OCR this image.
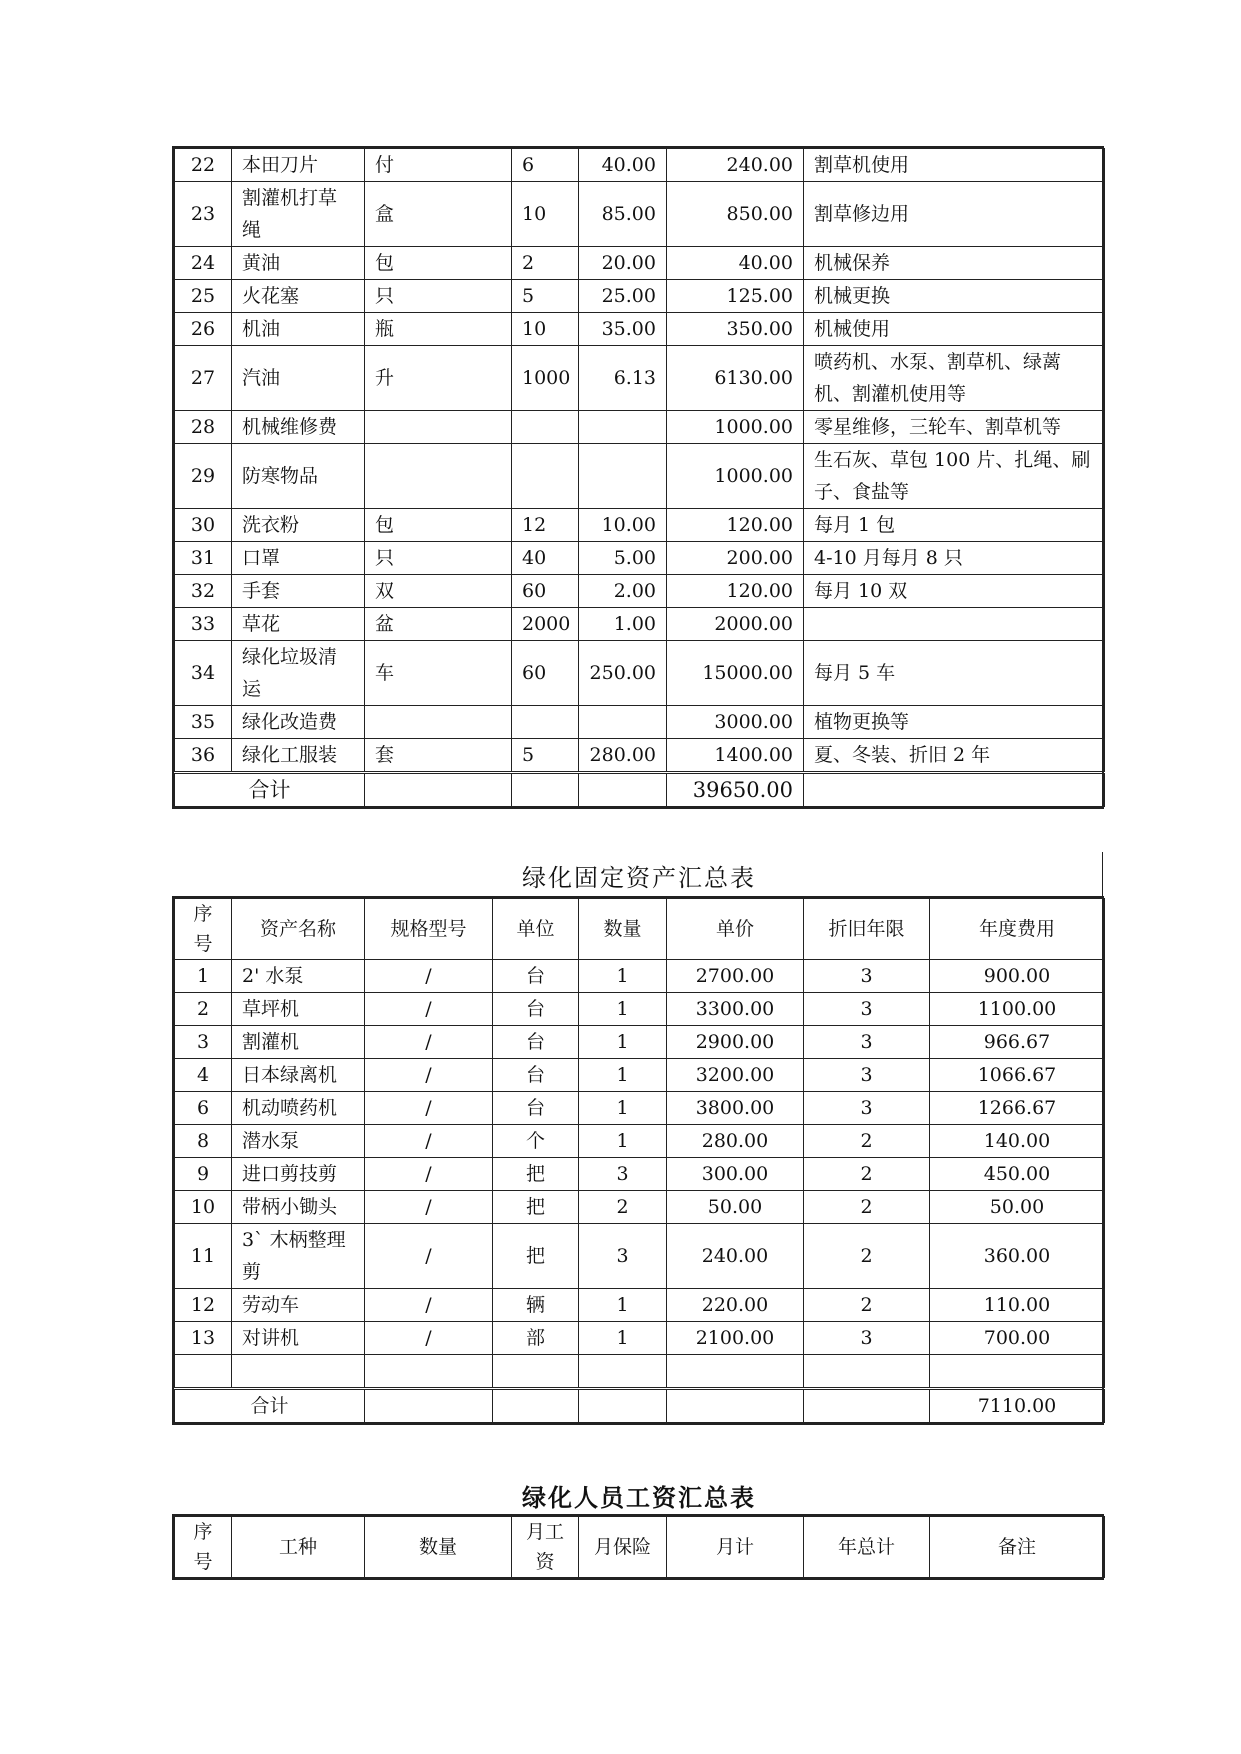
22	本田刀片	付	6	40.00	240.00	割草机使用
23	割灌机打草绳	盒	10	85.00	850.00	割草修边用
24	黄油	包	2	20.00	40.00	机械保养
25	火花塞	只	5	25.00	125.00	机械更换
26	机油	瓶	10	35.00	350.00	机械使用
27	汽油	升	1000	6.13	6130.00	喷药机、水泵、割草机、绿蓠机、割灌机使用等
28	机械维修费				1000.00	零星维修，三轮车、割草机等
29	防寒物品				1000.00	生石灰、草包 100 片、扎绳、刷子、食盐等
30	洗衣粉	包	12	10.00	120.00	每月 1 包
31	口罩	只	40	5.00	200.00	4-10 月每月 8 只
32	手套	双	60	2.00	120.00	每月 10 双
33	草花	盆	2000	1.00	2000.00	
34	绿化垃圾清运	车	60	250.00	15000.00	每月 5 车
35	绿化改造费				3000.00	植物更换等
36	绿化工服装	套	5	280.00	1400.00	夏、冬装、折旧 2 年
合计					39650.00	
绿化固定资产汇总表
序号	资产名称	规格型号	单位	数量	单价	折旧年限	年度费用
1	2' 水泵	/	台	1	2700.00	3	900.00
2	草坪机	/	台	1	3300.00	3	1100.00
3	割灌机	/	台	1	2900.00	3	966.67
4	日本绿离机	/	台	1	3200.00	3	1066.67
6	机动喷药机	/	台	1	3800.00	3	1266.67
8	潜水泵	/	个	1	280.00	2	140.00
9	进口剪技剪	/	把	3	300.00	2	450.00
10	带柄小锄头	/	把	2	50.00	2	50.00
11	3` 木柄整理剪	/	把	3	240.00	2	360.00
12	劳动车	/	辆	1	220.00	2	110.00
13	对讲机	/	部	1	2100.00	3	700.00

合计							7110.00
绿化人员工资汇总表
序号	工种	数量	月工资	月保险	月计	年总计	备注
